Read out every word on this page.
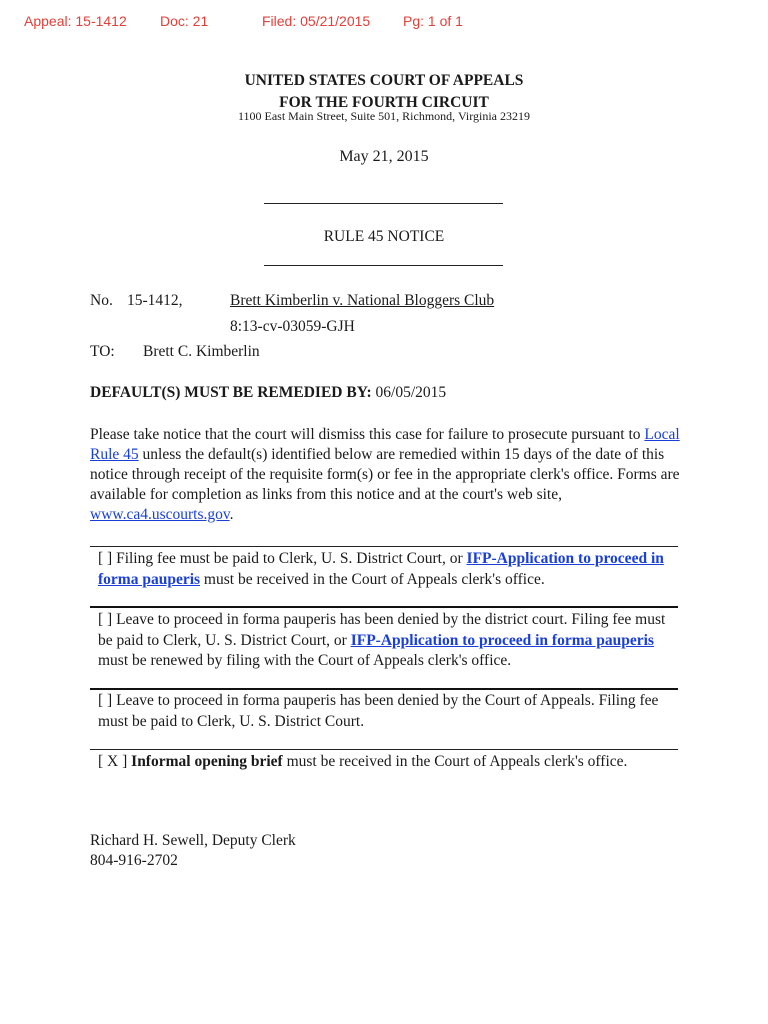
Appeal: 15-1412 Doc: 21	Filed: 05/21/2015 Pg: 1 of 1
UNITED STATES COURT OF APPEALS
FOR THE FOURTH CIRCUIT
1100 East Main Street, Suite 501, Richmond, Virginia 23219
May 21, 2015
RULE 45 NOTICE
No. 15-1412,	Brett Kimberlin v. National Bloggers Club
8:13-cv-03059-GJH
TO: Brett C. Kimberlin
DEFAULT(S) MUST BE REMEDIED BY: 06/05/2015
Please take notice that the court will dismiss this case for failure to prosecute pursuant to Local Rule 45 unless the default(s) identified below are remedied within 15 days of the date of this notice through receipt of the requisite form(s) or fee in the appropriate clerk's office. Forms are available for completion as links from this notice and at the court's web site, www.ca4.uscourts.gov.
[ ] Filing fee must be paid to Clerk, U. S. District Court, or IFP-Application to proceed in forma pauperis must be received in the Court of Appeals clerk's office.
[ ] Leave to proceed in forma pauperis has been denied by the district court. Filing fee must be paid to Clerk, U. S. District Court, or IFP-Application to proceed in forma pauperis must be renewed by filing with the Court of Appeals clerk's office.
[ ] Leave to proceed in forma pauperis has been denied by the Court of Appeals. Filing fee must be paid to Clerk, U. S. District Court.
[ X ] Informal opening brief must be received in the Court of Appeals clerk's office.
Richard H. Sewell, Deputy Clerk
804-916-2702
